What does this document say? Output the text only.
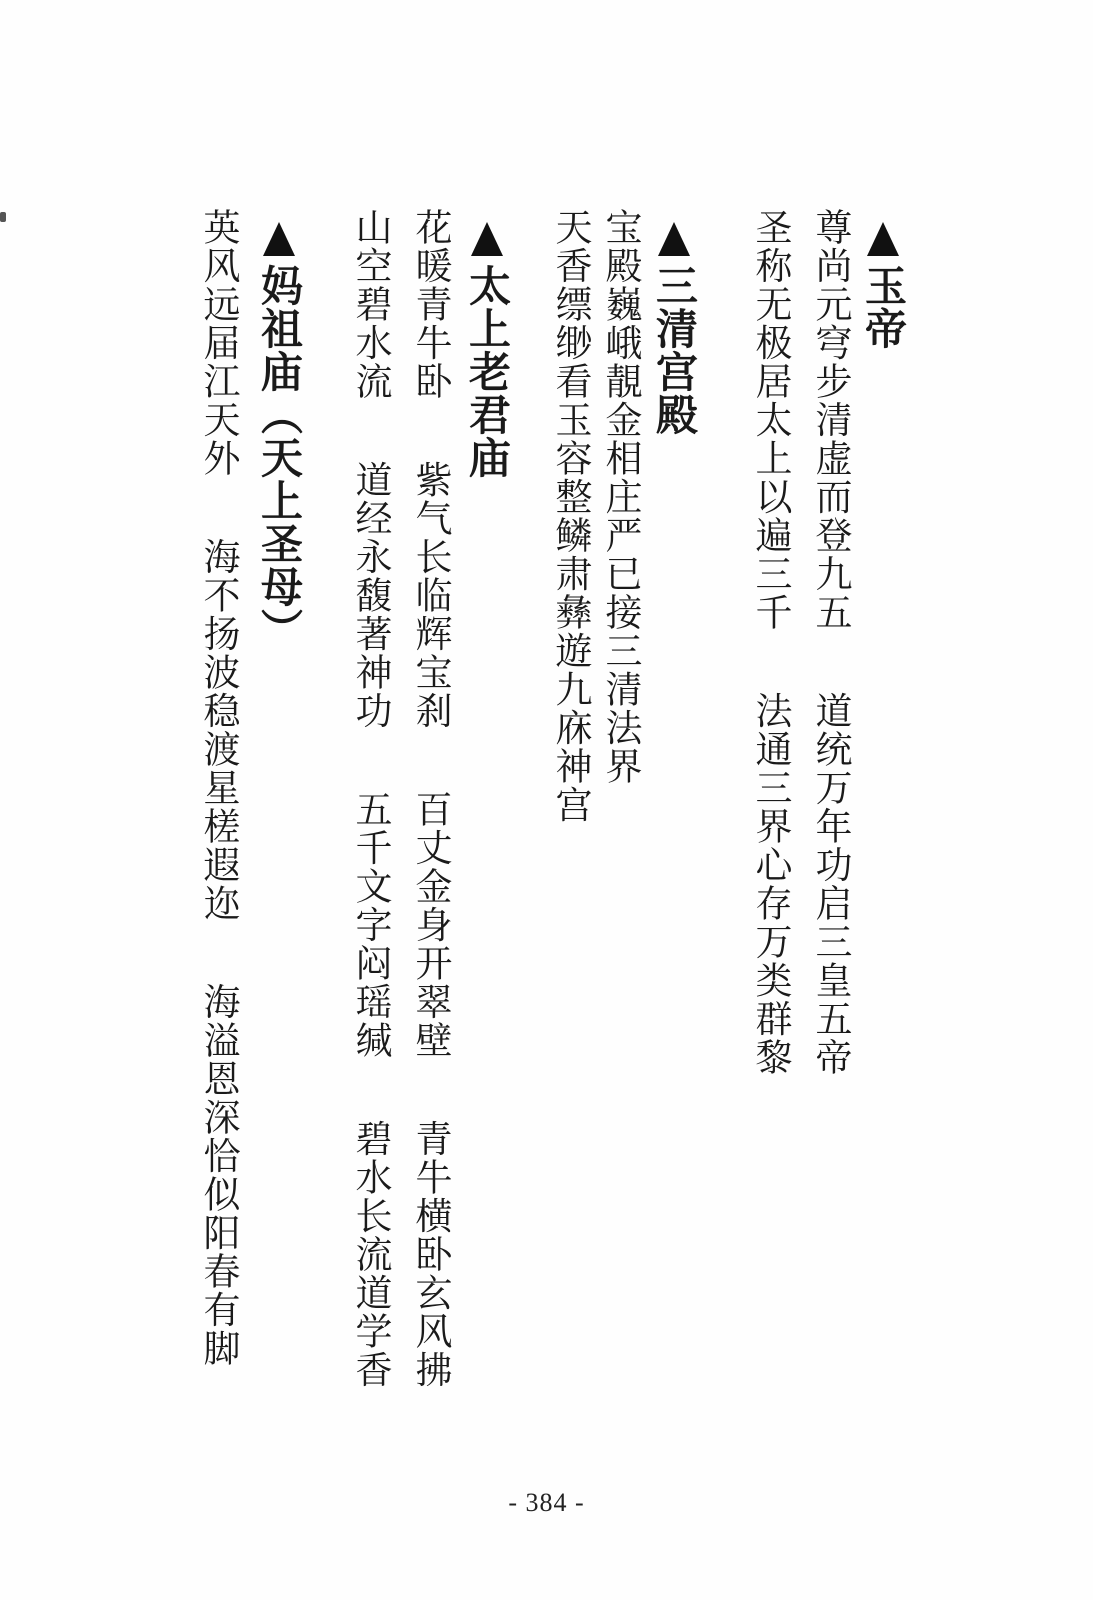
玉帝
尊尚元穹步清虚而登九五道统万年功启三皇五帝
圣称无极居太上以遍三千法通三界心存万类群黎
三清宫殿
宝殿巍峨靚金相庄严已接三清法界
天香缥缈看玉容整鳞肃彝遊九庥神宫
太上老君庙
花暖青牛卧紫气长临辉宝刹百丈金身开翠壁青牛横卧玄风拂
山空碧水流道经永馥著神功五千文字闷瑶缄碧水长流道学香
妈祖庙（天上圣母）
英风远届江天外海不扬波稳渡星槎遐迩海溢恩深恰似阳春有脚
- 384 -
